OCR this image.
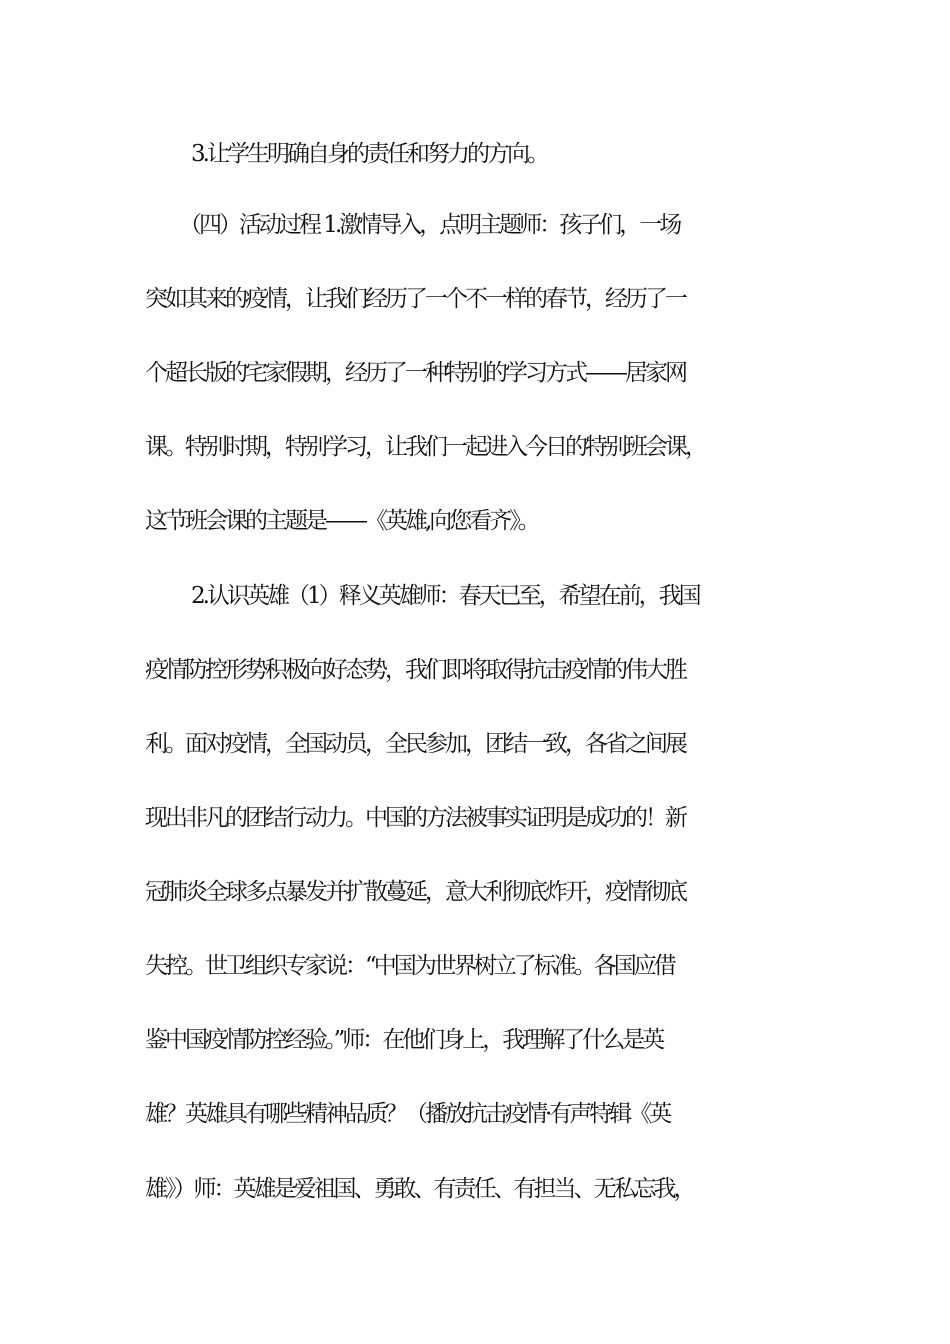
3.让学生明确自身的责任和努力的方向。
（四）活动过程 1.激情导入，点明主题师：孩子们，一场
突如其来的疫情，让我们经历了一个不一样的春节，经历了一
个超长版的宅家假期，经历了一种特别的学习方式——居家网
课。特别时期，特别学习，让我们一起进入今日的特别班会课，
这节班会课的主题是——《英雄,向您看齐》。
2.认识英雄（1）释义英雄师：春天已至，希望在前，我国
疫情防控形势积极向好态势，我们即将取得抗击疫情的伟大胜
利。面对疫情，全国动员，全民参加，团结一致，各省之间展
现出非凡的团结行动力。中国的方法被事实证明是成功的！新
冠肺炎全球多点暴发并扩散蔓延，意大利彻底炸开，疫情彻底
失控。世卫组织专家说：“中国为世界树立了标准。各国应借
鉴中国疫情防控经验。”师：在他们身上，我理解了什么是英
雄？英雄具有哪些精神品质？（播放抗击疫情·有声特辑《英
雄》）师：英雄是爱祖国、勇敢、有责任、有担当、无私忘我，
